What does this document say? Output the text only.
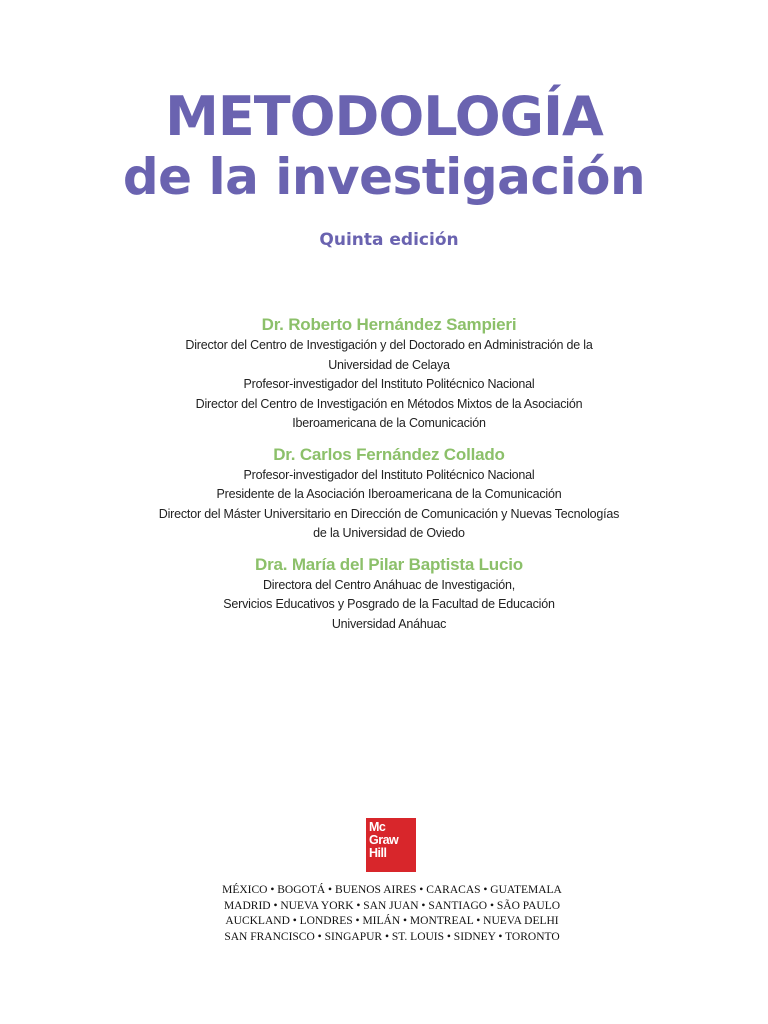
METODOLOGÍA
de la investigación
Quinta edición
Dr. Roberto Hernández Sampieri
Director del Centro de Investigación y del Doctorado en Administración de la
Universidad de Celaya
Profesor-investigador del Instituto Politécnico Nacional
Director del Centro de Investigación en Métodos Mixtos de la Asociación
Iberoamericana de la Comunicación
Dr. Carlos Fernández Collado
Profesor-investigador del Instituto Politécnico Nacional
Presidente de la Asociación Iberoamericana de la Comunicación
Director del Máster Universitario en Dirección de Comunicación y Nuevas Tecnologías
de la Universidad de Oviedo
Dra. María del Pilar Baptista Lucio
Directora del Centro Anáhuac de Investigación,
Servicios Educativos y Posgrado de la Facultad de Educación
Universidad Anáhuac
Mc
Graw
Hill
MÉXICO • BOGOTÁ • BUENOS AIRES • CARACAS • GUATEMALA
MADRID • NUEVA YORK • SAN JUAN • SANTIAGO • SÃO PAULO
AUCKLAND • LONDRES • MILÁN • MONTREAL • NUEVA DELHI
SAN FRANCISCO • SINGAPUR • ST. LOUIS • SIDNEY • TORONTO
